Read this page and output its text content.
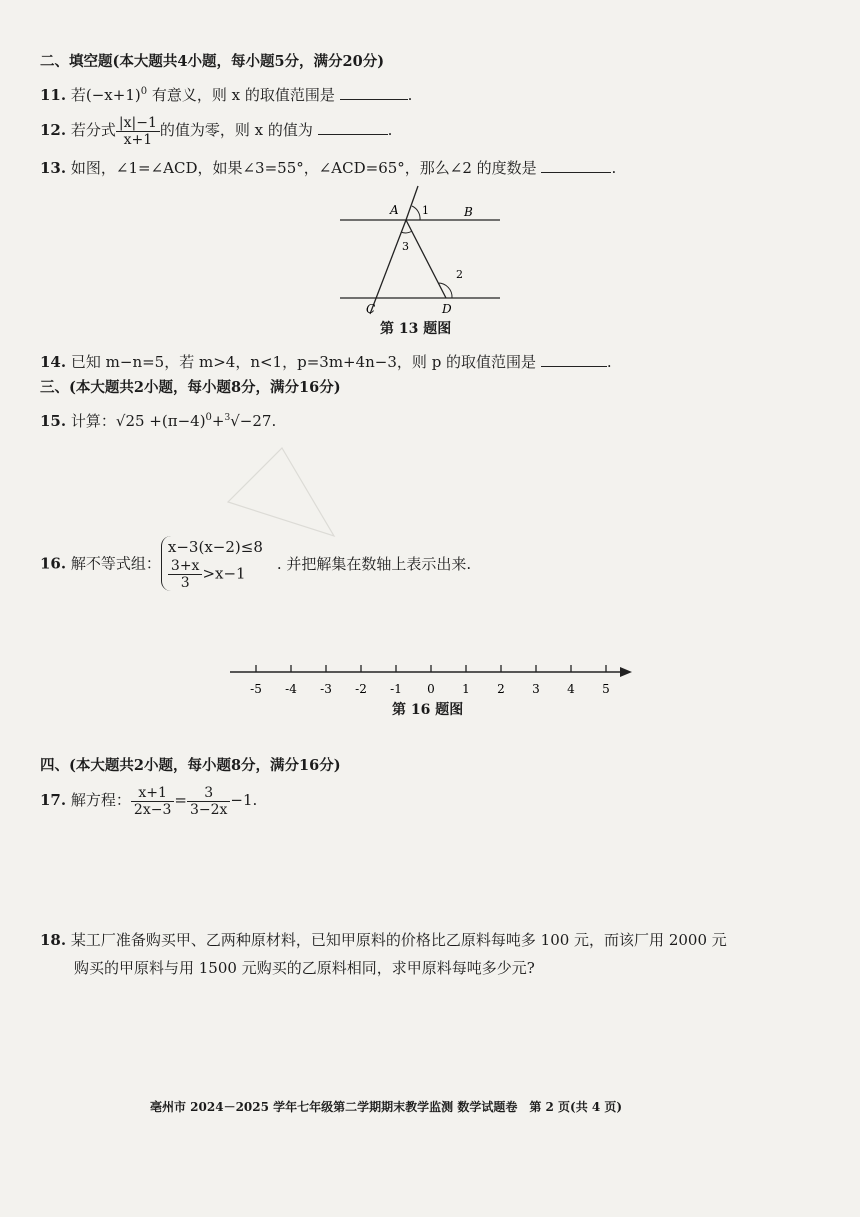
二、填空题(本大题共4小题，每小题5分，满分20分)
11. 若$(-x+1)^0$ 有意义，则 x 的取值范围是	.
12. 若分式 $\frac{|x|-1}{x+1}$ 的值为零，则 x 的值为	.
13. 如图，∠1=∠ACD，如果∠3=55°，∠ACD=65°，那么∠2 的度数是	.
A	B
C	D
1
3
2
第 13 题图
14. 已知 m−n=5，若 m>4，n<1，p=3m+4n−3，则 p 的取值范围是	.
三、(本大题共2小题，每小题8分，满分16分)
15. 计算：$√25 +(\pi-4)^0+^3√-27$.
16. 解不等式组：
x−3(x−2)≤8
$\frac{3+x}{3} >x-1$
. 并把解集在数轴上表示出来.
-5 -4 -3 -2 -1 0 1 2 3 4 5
第 16 题图
四、(本大题共2小题，每小题8分，满分16分)
17. 解方程： $\frac{x+1}{2x-3} = \frac{3}{3-2x} -1$.
18. 某工厂准备购买甲、乙两种原材料，已知甲原料的价格比乙原料每吨多 100 元，而该厂用 2000 元
购买的甲原料与用 1500 元购买的乙原料相同，求甲原料每吨多少元?
亳州市 2024－2025 学年七年级第二学期期末教学监测 数学试题卷　第 2 页(共 4 页)
